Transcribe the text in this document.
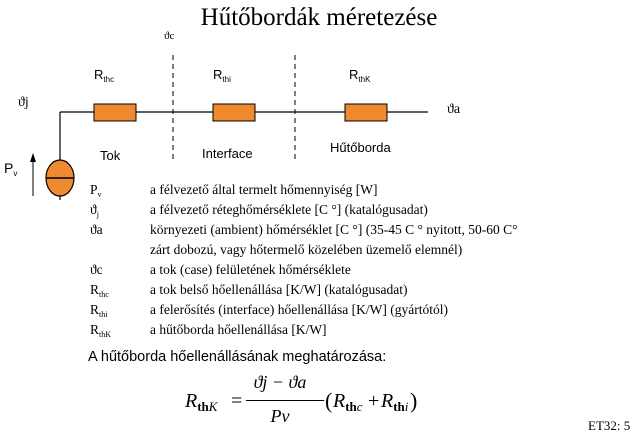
Hűtőbordák méretezése
ϑc
ϑj	ϑa
$P_v$
$R_{thc}$	$R_{thi}$	$R_{thK}$
Tok	Interface	Hűtőborda
$P_v$	a félvezető által termelt hőmennyiség [W]
$ϑ_j$	a félvezető réteghőmérséklete [C °] (katalógusadat)
ϑa	környezeti (ambient) hőmérséklet [C °] (35-45 C ° nyitott, 50-60 C°
zárt dobozú, vagy hőtermelő közelében üzemelő elemnél)
ϑc	a tok (case) felületének hőmérséklete
$R_{thc}$	a tok belső hőellenállása [K/W] (katalógusadat)
$R_{thi}$	a felerősítés (interface) hőellenállása [K/W] (gyártótól)
$R_{thK}$	a hűtőborda hőellenállása [K/W]
A hűtőborda hőellenállásának meghatározása:
$R_{thK}$ =
ϑj − ϑa
Pv
− ( $R_{thc} + R_{thi}$ )
ET32: 5
